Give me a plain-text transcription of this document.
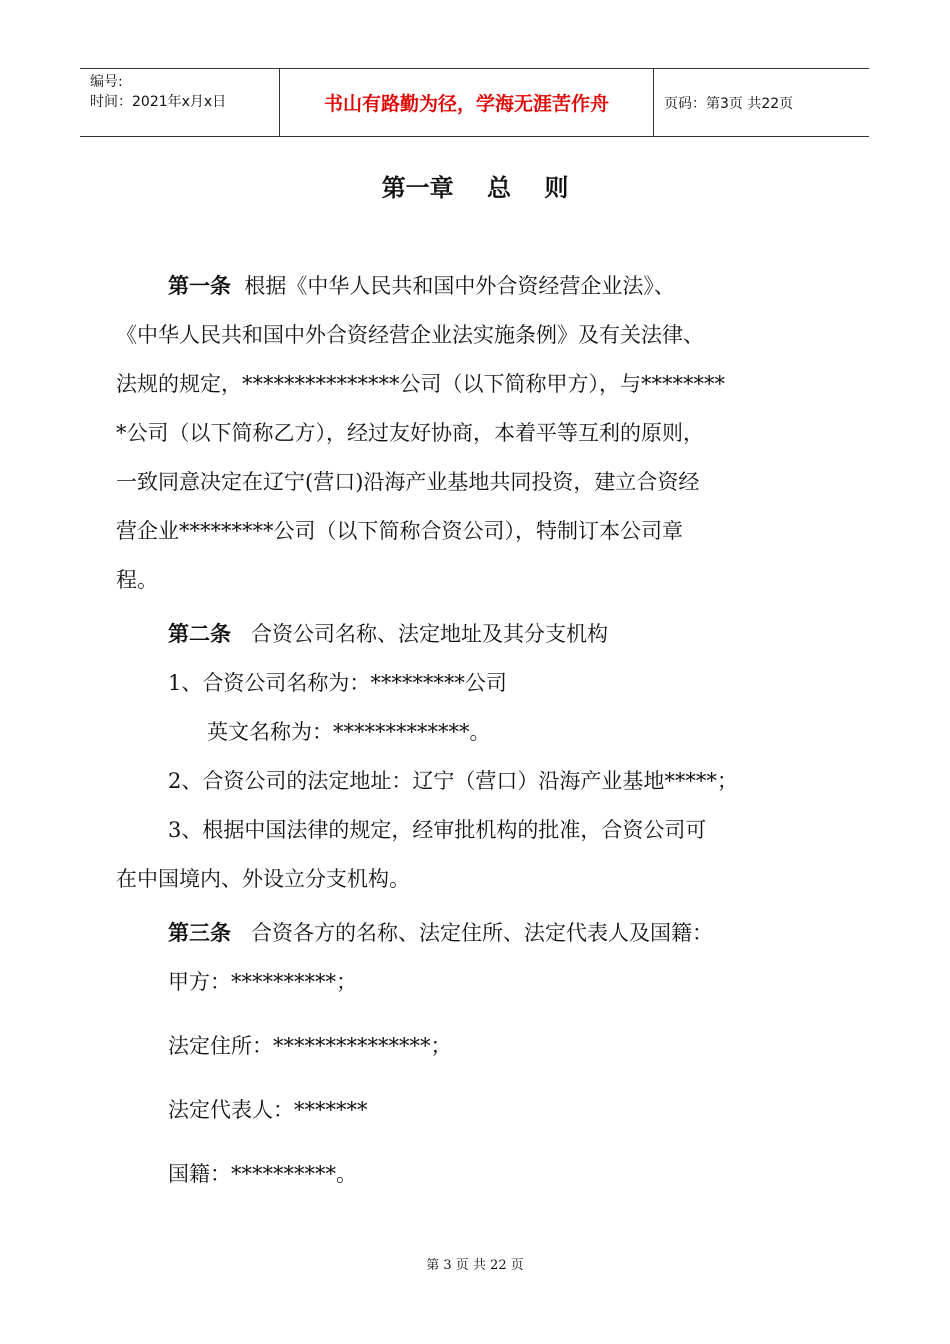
编号:
时间：2021年x月x日	书山有路勤为径，学海无涯苦作舟	页码：第3页 共22页
第一章    总    则
第一条 根据《中华人民共和国中外合资经营企业法》、
《中华人民共和国中外合资经营企业法实施条例》及有关法律、
法规的规定，***************公司（以下简称甲方），与********
*公司（以下简称乙方），经过友好协商，本着平等互利的原则，
一致同意决定在辽宁(营口)沿海产业基地共同投资，建立合资经
营企业*********公司（以下简称合资公司），特制订本公司章
程。
第二条 合资公司名称、法定地址及其分支机构
1、合资公司名称为：*********公司
英文名称为：*************。
2、合资公司的法定地址：辽宁（营口）沿海产业基地*****；
3、根据中国法律的规定，经审批机构的批准，合资公司可
在中国境内、外设立分支机构。
第三条 合资各方的名称、法定住所、法定代表人及国籍：
甲方：**********；
法定住所：***************；
法定代表人：*******
国籍：**********。
第 3 页 共 22 页
